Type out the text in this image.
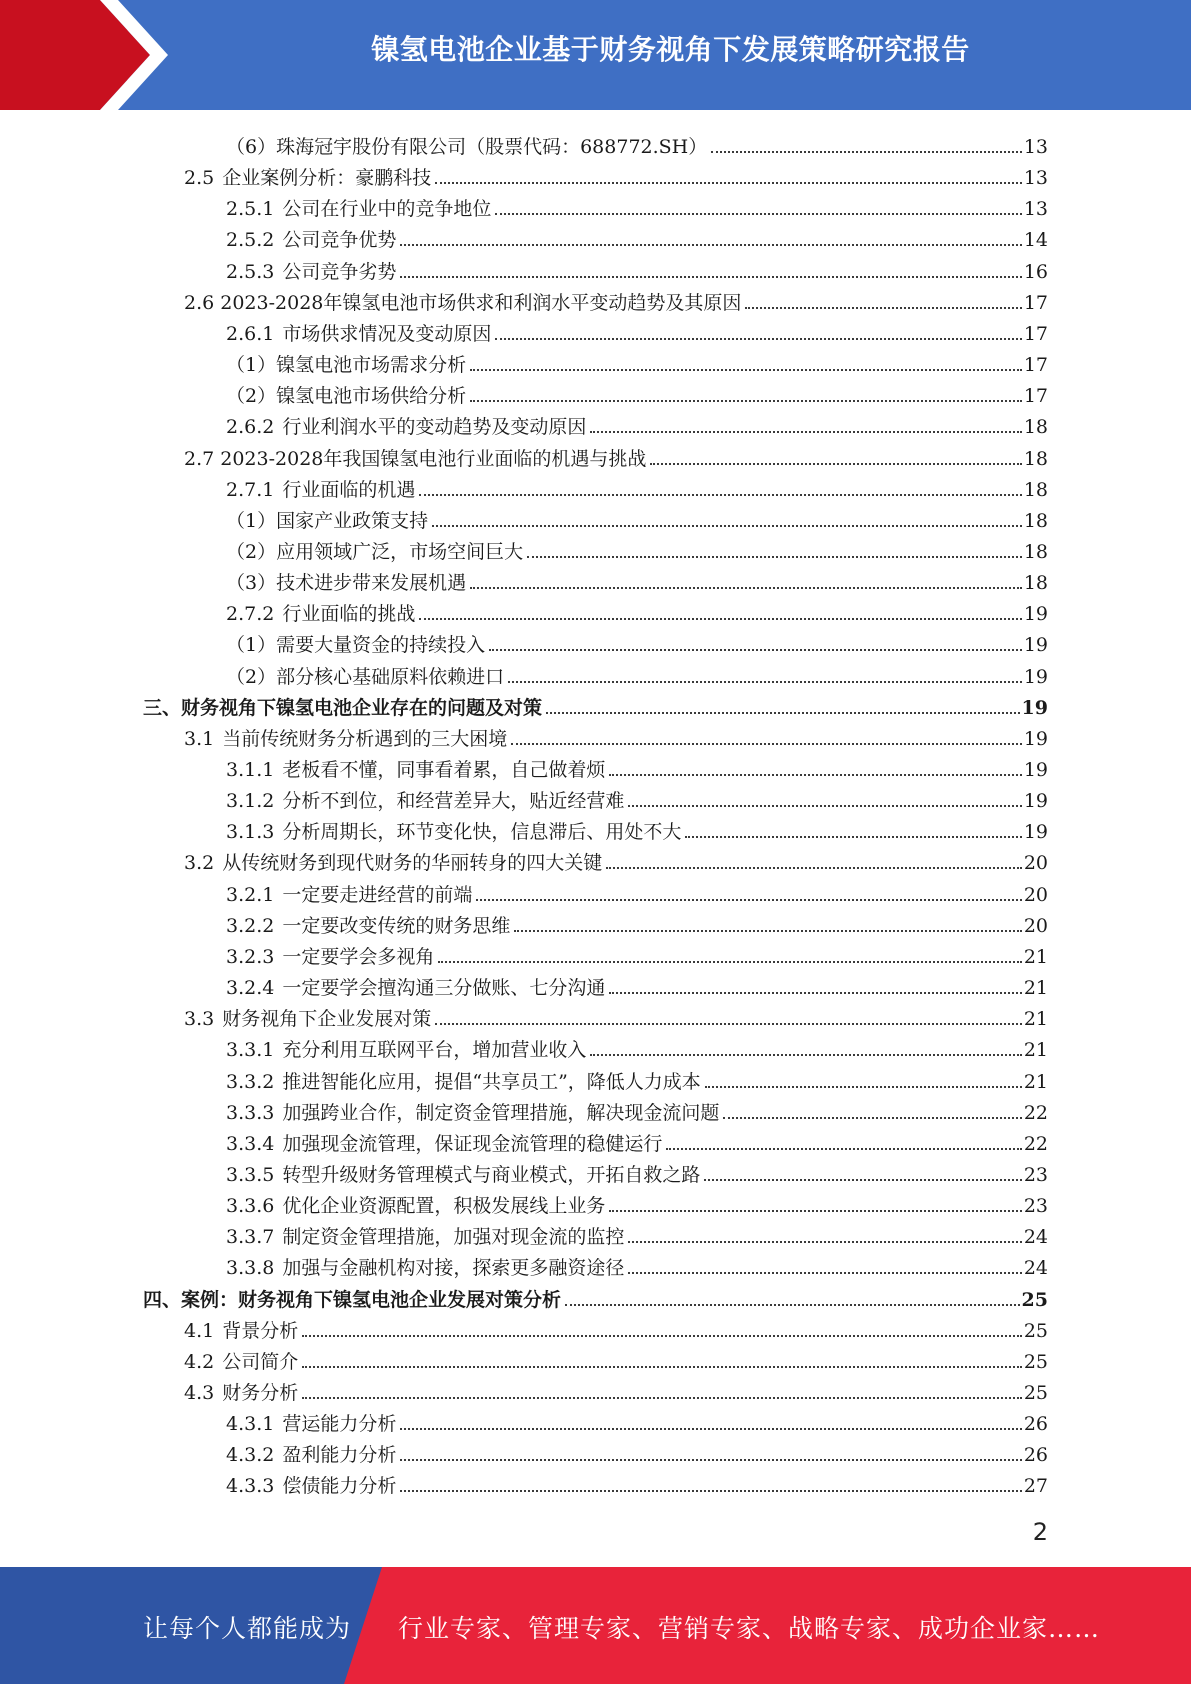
镍氢电池企业基于财务视角下发展策略研究报告
（6）珠海冠宇股份有限公司（股票代码：688772.SH）	13
2.5 企业案例分析：豪鹏科技	13
2.5.1 公司在行业中的竞争地位	13
2.5.2 公司竞争优势	14
2.5.3 公司竞争劣势	16
2.6 2023-2028年镍氢电池市场供求和利润水平变动趋势及其原因	17
2.6.1 市场供求情况及变动原因	17
（1）镍氢电池市场需求分析	17
（2）镍氢电池市场供给分析	17
2.6.2 行业利润水平的变动趋势及变动原因	18
2.7 2023-2028年我国镍氢电池行业面临的机遇与挑战	18
2.7.1 行业面临的机遇	18
（1）国家产业政策支持	18
（2）应用领域广泛，市场空间巨大	18
（3）技术进步带来发展机遇	18
2.7.2 行业面临的挑战	19
（1）需要大量资金的持续投入	19
（2）部分核心基础原料依赖进口	19
三、财务视角下镍氢电池企业存在的问题及对策	19
3.1 当前传统财务分析遇到的三大困境	19
3.1.1 老板看不懂，同事看着累，自己做着烦	19
3.1.2 分析不到位，和经营差异大，贴近经营难	19
3.1.3 分析周期长，环节变化快，信息滞后、用处不大	19
3.2 从传统财务到现代财务的华丽转身的四大关键	20
3.2.1 一定要走进经营的前端	20
3.2.2 一定要改变传统的财务思维	20
3.2.3 一定要学会多视角	21
3.2.4 一定要学会擅沟通三分做账、七分沟通	21
3.3 财务视角下企业发展对策	21
3.3.1 充分利用互联网平台，增加营业收入	21
3.3.2 推进智能化应用，提倡“共享员工”，降低人力成本	21
3.3.3 加强跨业合作，制定资金管理措施，解决现金流问题	22
3.3.4 加强现金流管理，保证现金流管理的稳健运行	22
3.3.5 转型升级财务管理模式与商业模式，开拓自救之路	23
3.3.6 优化企业资源配置，积极发展线上业务	23
3.3.7 制定资金管理措施，加强对现金流的监控	24
3.3.8 加强与金融机构对接，探索更多融资途径	24
四、案例：财务视角下镍氢电池企业发展对策分析	25
4.1 背景分析	25
4.2 公司简介	25
4.3 财务分析	25
4.3.1 营运能力分析	26
4.3.2 盈利能力分析	26
4.3.3 偿债能力分析	27
2
让每个人都能成为 行业专家、管理专家、营销专家、战略专家、成功企业家……
